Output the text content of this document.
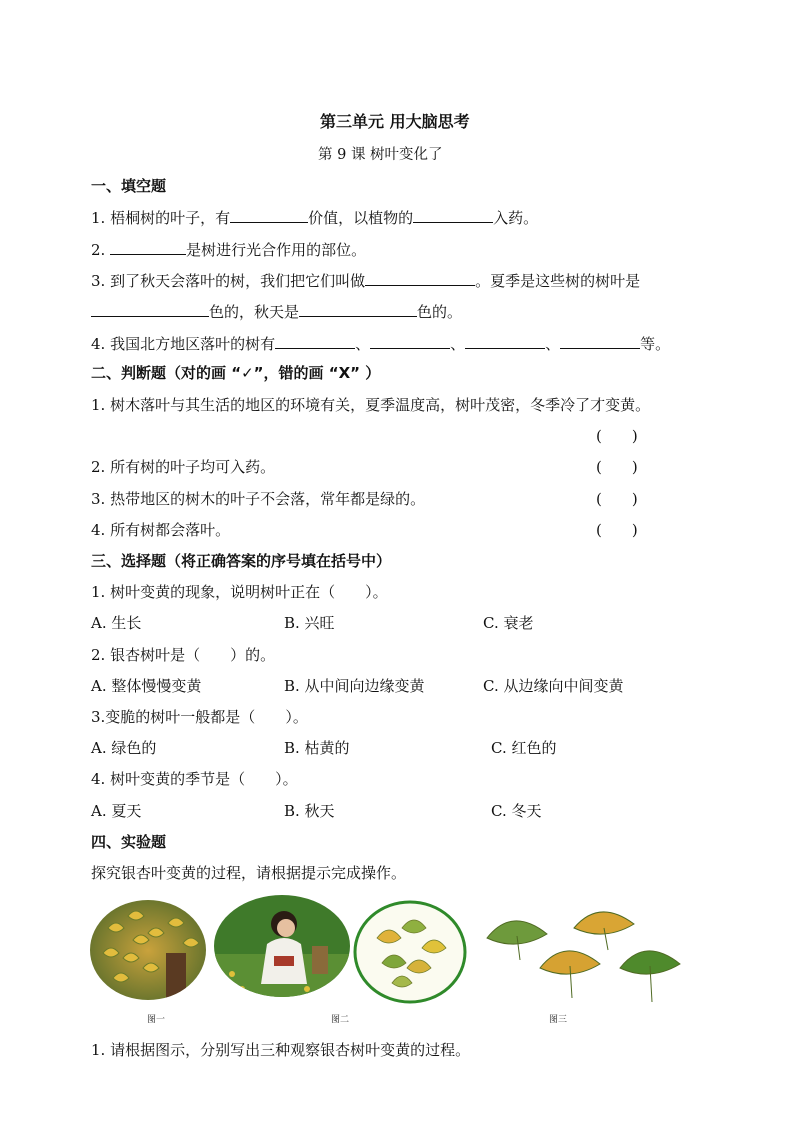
第三单元 用大脑思考
第 9 课 树叶变化了
一、填空题
1. 梧桐树的叶子，有	价值，以植物的	入药。
2.	是树进行光合作用的部位。
3. 到了秋天会落叶的树，我们把它们叫做	。夏季是这些树的树叶是
色的，秋天是	色的。
4. 我国北方地区落叶的树有	、	、	、	等。
二、判断题（对的画 “✓”，错的画 “X” ）
1. 树木落叶与其生活的地区的环境有关，夏季温度高，树叶茂密，冬季冷了才变黄。
(　　)
2. 所有树的叶子均可入药。	(　　)
3. 热带地区的树木的叶子不会落，常年都是绿的。	(　　)
4. 所有树都会落叶。	(　　)
三、选择题（将正确答案的序号填在括号中）
1. 树叶变黄的现象，说明树叶正在（　　）。
A. 生长	B. 兴旺	C. 衰老
2. 银杏树叶是（　　）的。
A. 整体慢慢变黄	B. 从中间向边缘变黄	C. 从边缘向中间变黄
3.变脆的树叶一般都是（　　）。
A. 绿色的	B. 枯黄的	C. 红色的
4. 树叶变黄的季节是（　　）。
A. 夏天	B. 秋天	C. 冬天
四、实验题
探究银杏叶变黄的过程，请根据提示完成操作。
图一	图二	图三
1. 请根据图示，分别写出三种观察银杏树叶变黄的过程。
